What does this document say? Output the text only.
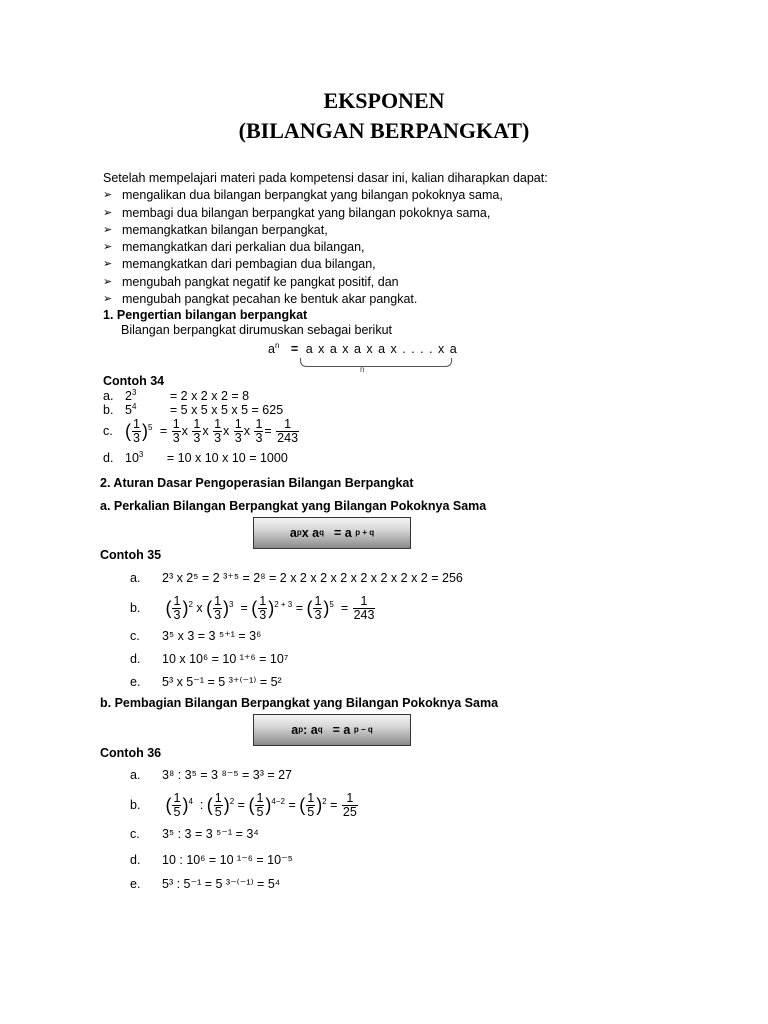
EKSPONEN
(BILANGAN BERPANGKAT)
Setelah mempelajari materi pada kompetensi dasar ini, kalian diharapkan dapat:
➢ mengalikan dua bilangan berpangkat yang bilangan pokoknya sama,
➢ membagi dua bilangan berpangkat yang bilangan pokoknya sama,
➢ memangkatkan bilangan berpangkat,
➢ memangkatkan dari perkalian dua bilangan,
➢ memangkatkan dari pembagian dua bilangan,
➢ mengubah pangkat negatif ke pangkat positif, dan
➢ mengubah pangkat pecahan ke bentuk akar pangkat.
1. Pengertian bilangan berpangkat
Bilangan berpangkat dirumuskan sebagai berikut
$a^n = a$ x a x a x a x . . . . x a
n
Contoh 34
a. $2^3$	= 2 x 2 x 2 = 8
b. $5^4$	= 5 x 5 x 5 x 5 = 625
c. ( $\frac{1}{3} )^5 = \frac{1}{3}$ x $\frac{1}{3}$ x $\frac{1}{3}$ x $\frac{1}{3}$ x $\frac{1}{3} = \frac{1}{243}$
d. $10^3 = 10$ x 10 x 10 = 1000
2. Aturan Dasar Pengoperasian Bilangan Berpangkat
a. Perkalian Bilangan Berpangkat yang Bilangan Pokoknya Sama
a p x a q = a
p + q
Contoh 35
a. 2³ x 2⁵ = 2 ³⁺⁵ = 2⁸ = 2 x 2 x 2 x 2 x 2 x 2 x 2 x 2 = 256
b. ( $\frac{1}{3} )^2$ x ( $\frac{1}{3} )^3$ = ( $\frac{1}{3} )^{2 + 3}$ = ( $\frac{1}{3} )^5 = \frac{1}{243}$
c. 3⁵ x 3 = 3 ⁵⁺¹ = 3⁶
d. 10 x 10⁶ = 10 ¹⁺⁶ = 10⁷
e. 5³ x 5⁻¹ = 5 ³⁺⁽⁻¹⁾ = 5²
b. Pembagian Bilangan Berpangkat yang Bilangan Pokoknya Sama
a p : a q = a
p − q
Contoh 36
a. 3⁸ : 3⁵ = 3 ⁸⁻⁵ = 3³ = 27
b. ( $\frac{1}{5} )^4$  : ( $\frac{1}{5} )^2$ = ( $\frac{1}{5} )^{4-2}$ = ( $\frac{1}{5} )^2 = \frac{1}{25}$
c. 3⁵ : 3 = 3 ⁵⁻¹ = 3⁴
d. 10 : 10⁶ = 10 ¹⁻⁶ = 10⁻⁵
e. 5³ : 5⁻¹ = 5 ³⁻⁽⁻¹⁾ = 5⁴
